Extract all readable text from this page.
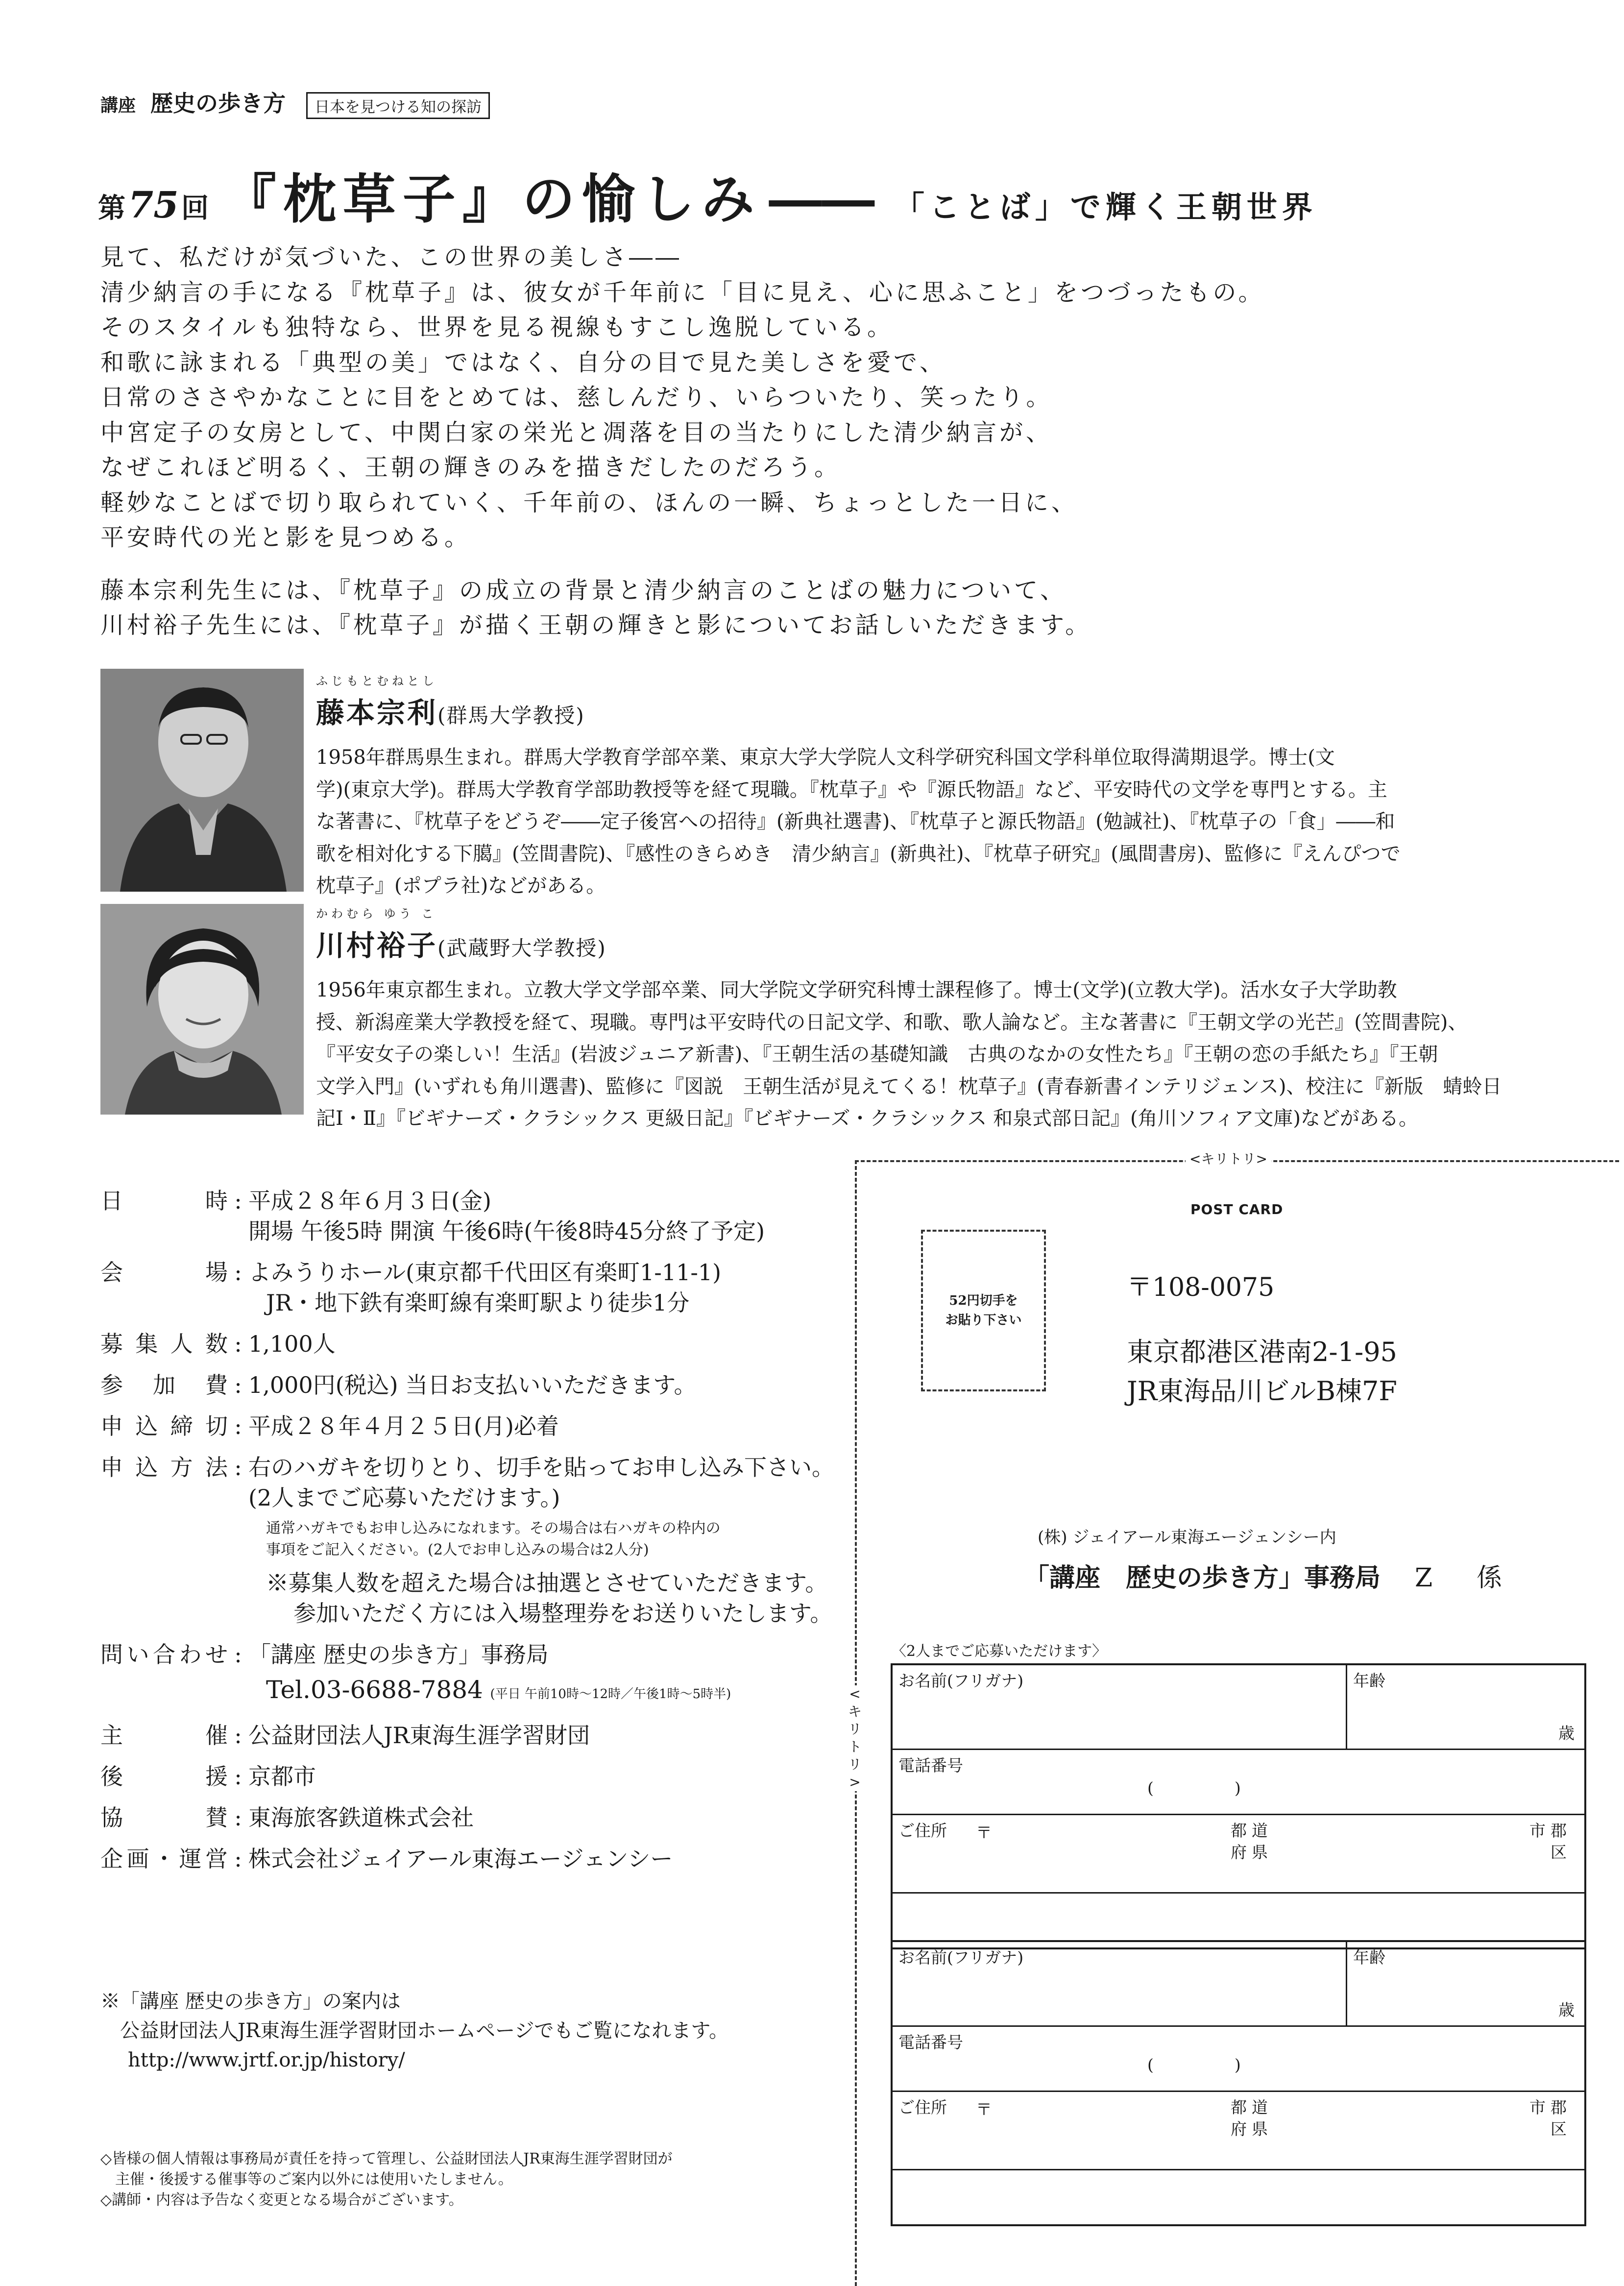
講座 歴史の歩き方 日本を見つける知の探訪
第 75 回 『枕草子』の愉しみ ―― 「ことば」で輝く王朝世界

見て、私だけが気づいた、この世界の美しさ――

清少納言の手になる『枕草子』は、彼女が千年前に「目に見え、心に思ふこと」をつづったもの。

そのスタイルも独特なら、世界を見る視線もすこし逸脱している。

和歌に詠まれる「典型の美」ではなく、自分の目で見た美しさを愛で、

日常のささやかなことに目をとめては、慈しんだり、いらついたり、笑ったり。

中宮定子の女房として、中関白家の栄光と凋落を目の当たりにした清少納言が、

なぜこれほど明るく、王朝の輝きのみを描きだしたのだろう。

軽妙なことばで切り取られていく、千年前の、ほんの一瞬、ちょっとした一日に、

平安時代の光と影を見つめる。

藤本宗利先生には、『枕草子』の成立の背景と清少納言のことばの魅力について、

川村裕子先生には、『枕草子』が描く王朝の輝きと影についてお話しいただきます。

ふじもとむねとし
藤本宗利(群馬大学教授)

1958年群馬県生まれ。群馬大学教育学部卒業、東京大学大学院人文科学研究科国文学科単位取得満期退学。博士(文

学)(東京大学)。群馬大学教育学部助教授等を経て現職。『枕草子』や『源氏物語』など、平安時代の文学を専門とする。主

な著書に、『枕草子をどうぞ――定子後宮への招待』(新典社選書)、『枕草子と源氏物語』(勉誠社)、『枕草子の「食」――和

歌を相対化する下臈』(笠間書院)、『感性のきらめき　清少納言』(新典社)、『枕草子研究』(風間書房)、監修に『えんぴつで

枕草子』(ポプラ社)などがある。

かわむら ゆう こ
川村裕子(武蔵野大学教授)

1956年東京都生まれ。立教大学文学部卒業、同大学院文学研究科博士課程修了。博士(文学)(立教大学)。活水女子大学助教

授、新潟産業大学教授を経て、現職。専門は平安時代の日記文学、和歌、歌人論など。主な著書に『王朝文学の光芒』(笠間書院)、

『平安女子の楽しい！生活』(岩波ジュニア新書)、『王朝生活の基礎知識　古典のなかの女性たち』『王朝の恋の手紙たち』『王朝

文学入門』(いずれも角川選書)、監修に『図説　王朝生活が見えてくる！枕草子』(青春新書インテリジェンス)、校注に『新版　蜻蛉日

記Ⅰ・Ⅱ』『ビギナーズ・クラシックス 更級日記』『ビギナーズ・クラシックス 和泉式部日記』(角川ソフィア文庫)などがある。

<キリトリ>
<
キ
リ
ト
リ
>
日時 : 平成２８年６月３日(金)
開場 午後5時 開演 午後6時(午後8時45分終了予定)
会場 : よみうりホール(東京都千代田区有楽町1-11-1)
JR・地下鉄有楽町線有楽町駅より徒歩1分
募集人数 : 1,100人
参加費 : 1,000円(税込) 当日お支払いいただきます。
申込締切 : 平成２８年４月２５日(月)必着
申込方法 : 右のハガキを切りとり、切手を貼ってお申し込み下さい。
(2人までご応募いただけます。)
通常ハガキでもお申し込みになれます。その場合は右ハガキの枠内の
事項をご記入ください。(2人でお申し込みの場合は2人分)
※募集人数を超えた場合は抽選とさせていただきます。
参加いただく方には入場整理券をお送りいたします。
問い合わせ : 「講座 歴史の歩き方」事務局
Tel.03-6688-7884 (平日 午前10時～12時／午後1時～5時半)
主催 : 公益財団法人JR東海生涯学習財団
後援 : 京都市
協賛 : 東海旅客鉄道株式会社
企画・運営 : 株式会社ジェイアール東海エージェンシー

※「講座 歴史の歩き方」の案内は

公益財団法人JR東海生涯学習財団ホームページでもご覧になれます。

http://www.jrtf.or.jp/history/

◇皆様の個人情報は事務局が責任を持って管理し、公益財団法人JR東海生涯学習財団が

　主催・後援する催事等のご案内以外には使用いたしません。

◇講師・内容は予告なく変更となる場合がございます。

POST CARD
52円切手を
お貼り下さい
〒108-0075

東京都港区港南2-1-95

JR東海品川ビルB棟7F

(株) ジェイアール東海エージェンシー内
「講座　歴史の歩き方」事務局 Z 係
〈2人までご応募いただけます〉
お名前(フリガナ)	年齢
歳
電話番号
(　　　　　)
ご住所 〒	都道
府県
市郡
区
お名前(フリガナ)	年齢
歳
電話番号
(　　　　　)
ご住所 〒	都道
府県
市郡
区
